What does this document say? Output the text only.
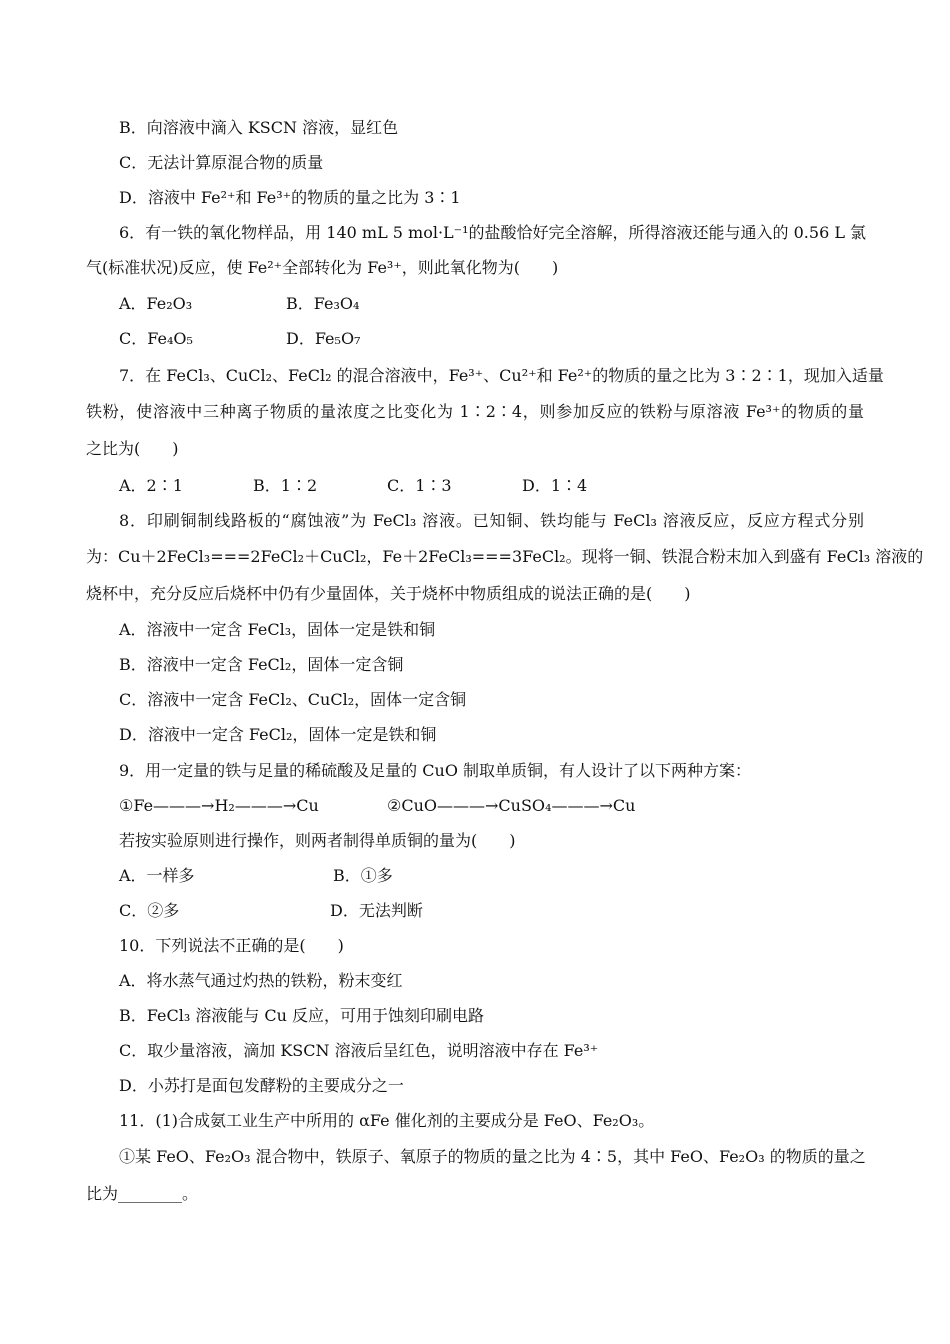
B．向溶液中滴入 KSCN 溶液，显红色
C．无法计算原混合物的质量
D．溶液中 Fe²⁺和 Fe³⁺的物质的量之比为 3∶1
6．有一铁的氧化物样品，用 140 mL 5 mol·L⁻¹的盐酸恰好完全溶解，所得溶液还能与通入的 0.56 L 氯
气(标准状况)反应，使 Fe²⁺全部转化为 Fe³⁺，则此氧化物为(　　)
A．Fe₂O₃	B．Fe₃O₄
C．Fe₄O₅	D．Fe₅O₇
7．在 FeCl₃、CuCl₂、FeCl₂ 的混合溶液中，Fe³⁺、Cu²⁺和 Fe²⁺的物质的量之比为 3∶2∶1，现加入适量
铁粉，使溶液中三种离子物质的量浓度之比变化为 1∶2∶4，则参加反应的铁粉与原溶液 Fe³⁺的物质的量
之比为(　　)
A．2∶1	B．1∶2	C．1∶3	D．1∶4
8．印刷铜制线路板的“腐蚀液”为 FeCl₃ 溶液。已知铜、铁均能与 FeCl₃ 溶液反应，反应方程式分别
为：Cu＋2FeCl₃===2FeCl₂＋CuCl₂，Fe＋2FeCl₃===3FeCl₂。现将一铜、铁混合粉末加入到盛有 FeCl₃ 溶液的
烧杯中，充分反应后烧杯中仍有少量固体，关于烧杯中物质组成的说法正确的是(　　)
A．溶液中一定含 FeCl₃，固体一定是铁和铜
B．溶液中一定含 FeCl₂，固体一定含铜
C．溶液中一定含 FeCl₂、CuCl₂，固体一定含铜
D．溶液中一定含 FeCl₂，固体一定是铁和铜
9．用一定量的铁与足量的稀硫酸及足量的 CuO 制取单质铜，有人设计了以下两种方案：
①Fe———→H₂———→Cu	②CuO———→CuSO₄———→Cu
若按实验原则进行操作，则两者制得单质铜的量为(　　)
A．一样多	B．①多
C．②多	D．无法判断
10．下列说法不正确的是(　　)
A．将水蒸气通过灼热的铁粉，粉末变红
B．FeCl₃ 溶液能与 Cu 反应，可用于蚀刻印刷电路
C．取少量溶液，滴加 KSCN 溶液后呈红色，说明溶液中存在 Fe³⁺
D．小苏打是面包发酵粉的主要成分之一
11．(1)合成氨工业生产中所用的 αFe 催化剂的主要成分是 FeO、Fe₂O₃。
①某 FeO、Fe₂O₃ 混合物中，铁原子、氧原子的物质的量之比为 4∶5，其中 FeO、Fe₂O₃ 的物质的量之
比为________。
